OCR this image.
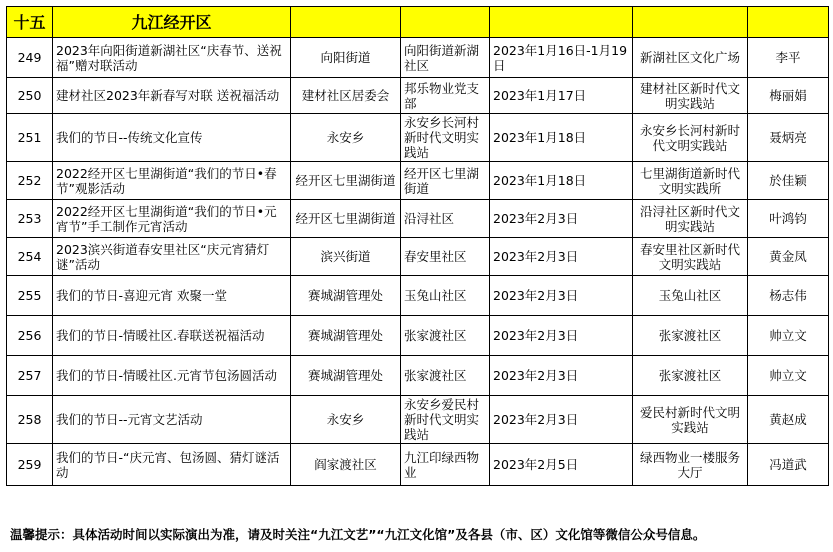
十五	九江经开区					
249	2023年向阳街道新湖社区“庆春节、送祝福”赠对联活动	向阳街道	向阳街道新湖社区	2023年1月16日-1月19日	新湖社区文化广场	李平
250	建材社区2023年新春写对联 送祝福活动	建材社区居委会	邦乐物业党支部	2023年1月17日	建材社区新时代文明实践站	梅丽娟
251	我们的节日--传统文化宣传	永安乡	永安乡长河村新时代文明实践站	2023年1月18日	永安乡长河村新时代文明实践站	聂炳亮
252	2022经开区七里湖街道“我们的节日•春节”观影活动	经开区七里湖街道	经开区七里湖街道	2023年1月18日	七里湖街道新时代文明实践所	於佳颖
253	2022经开区七里湖街道“我们的节日•元宵节”手工制作元宵活动	经开区七里湖街道	沿浔社区	2023年2月3日	沿浔社区新时代文明实践站	叶鸿钧
254	2023滨兴街道春安里社区“庆元宵猜灯谜”活动	滨兴街道	春安里社区	2023年2月3日	春安里社区新时代文明实践站	黄金凤
255	我们的节日-喜迎元宵 欢聚一堂	赛城湖管理处	玉兔山社区	2023年2月3日	玉兔山社区	杨志伟
256	我们的节日-情暖社区.春联送祝福活动	赛城湖管理处	张家渡社区	2023年2月3日	张家渡社区	帅立文
257	我们的节日-情暖社区.元宵节包汤圆活动	赛城湖管理处	张家渡社区	2023年2月3日	张家渡社区	帅立文
258	我们的节日--元宵文艺活动	永安乡	永安乡爱民村新时代文明实践站	2023年2月3日	爱民村新时代文明实践站	黄赵成
259	我们的节日-“庆元宵、包汤圆、猜灯谜活动	阎家渡社区	九江印绿西物业	2023年2月5日	绿西物业一楼服务大厅	冯道武
温馨提示：具体活动时间以实际演出为准，请及时关注“九江文艺”“九江文化馆”及各县（市、区）文化馆等微信公众号信息。
